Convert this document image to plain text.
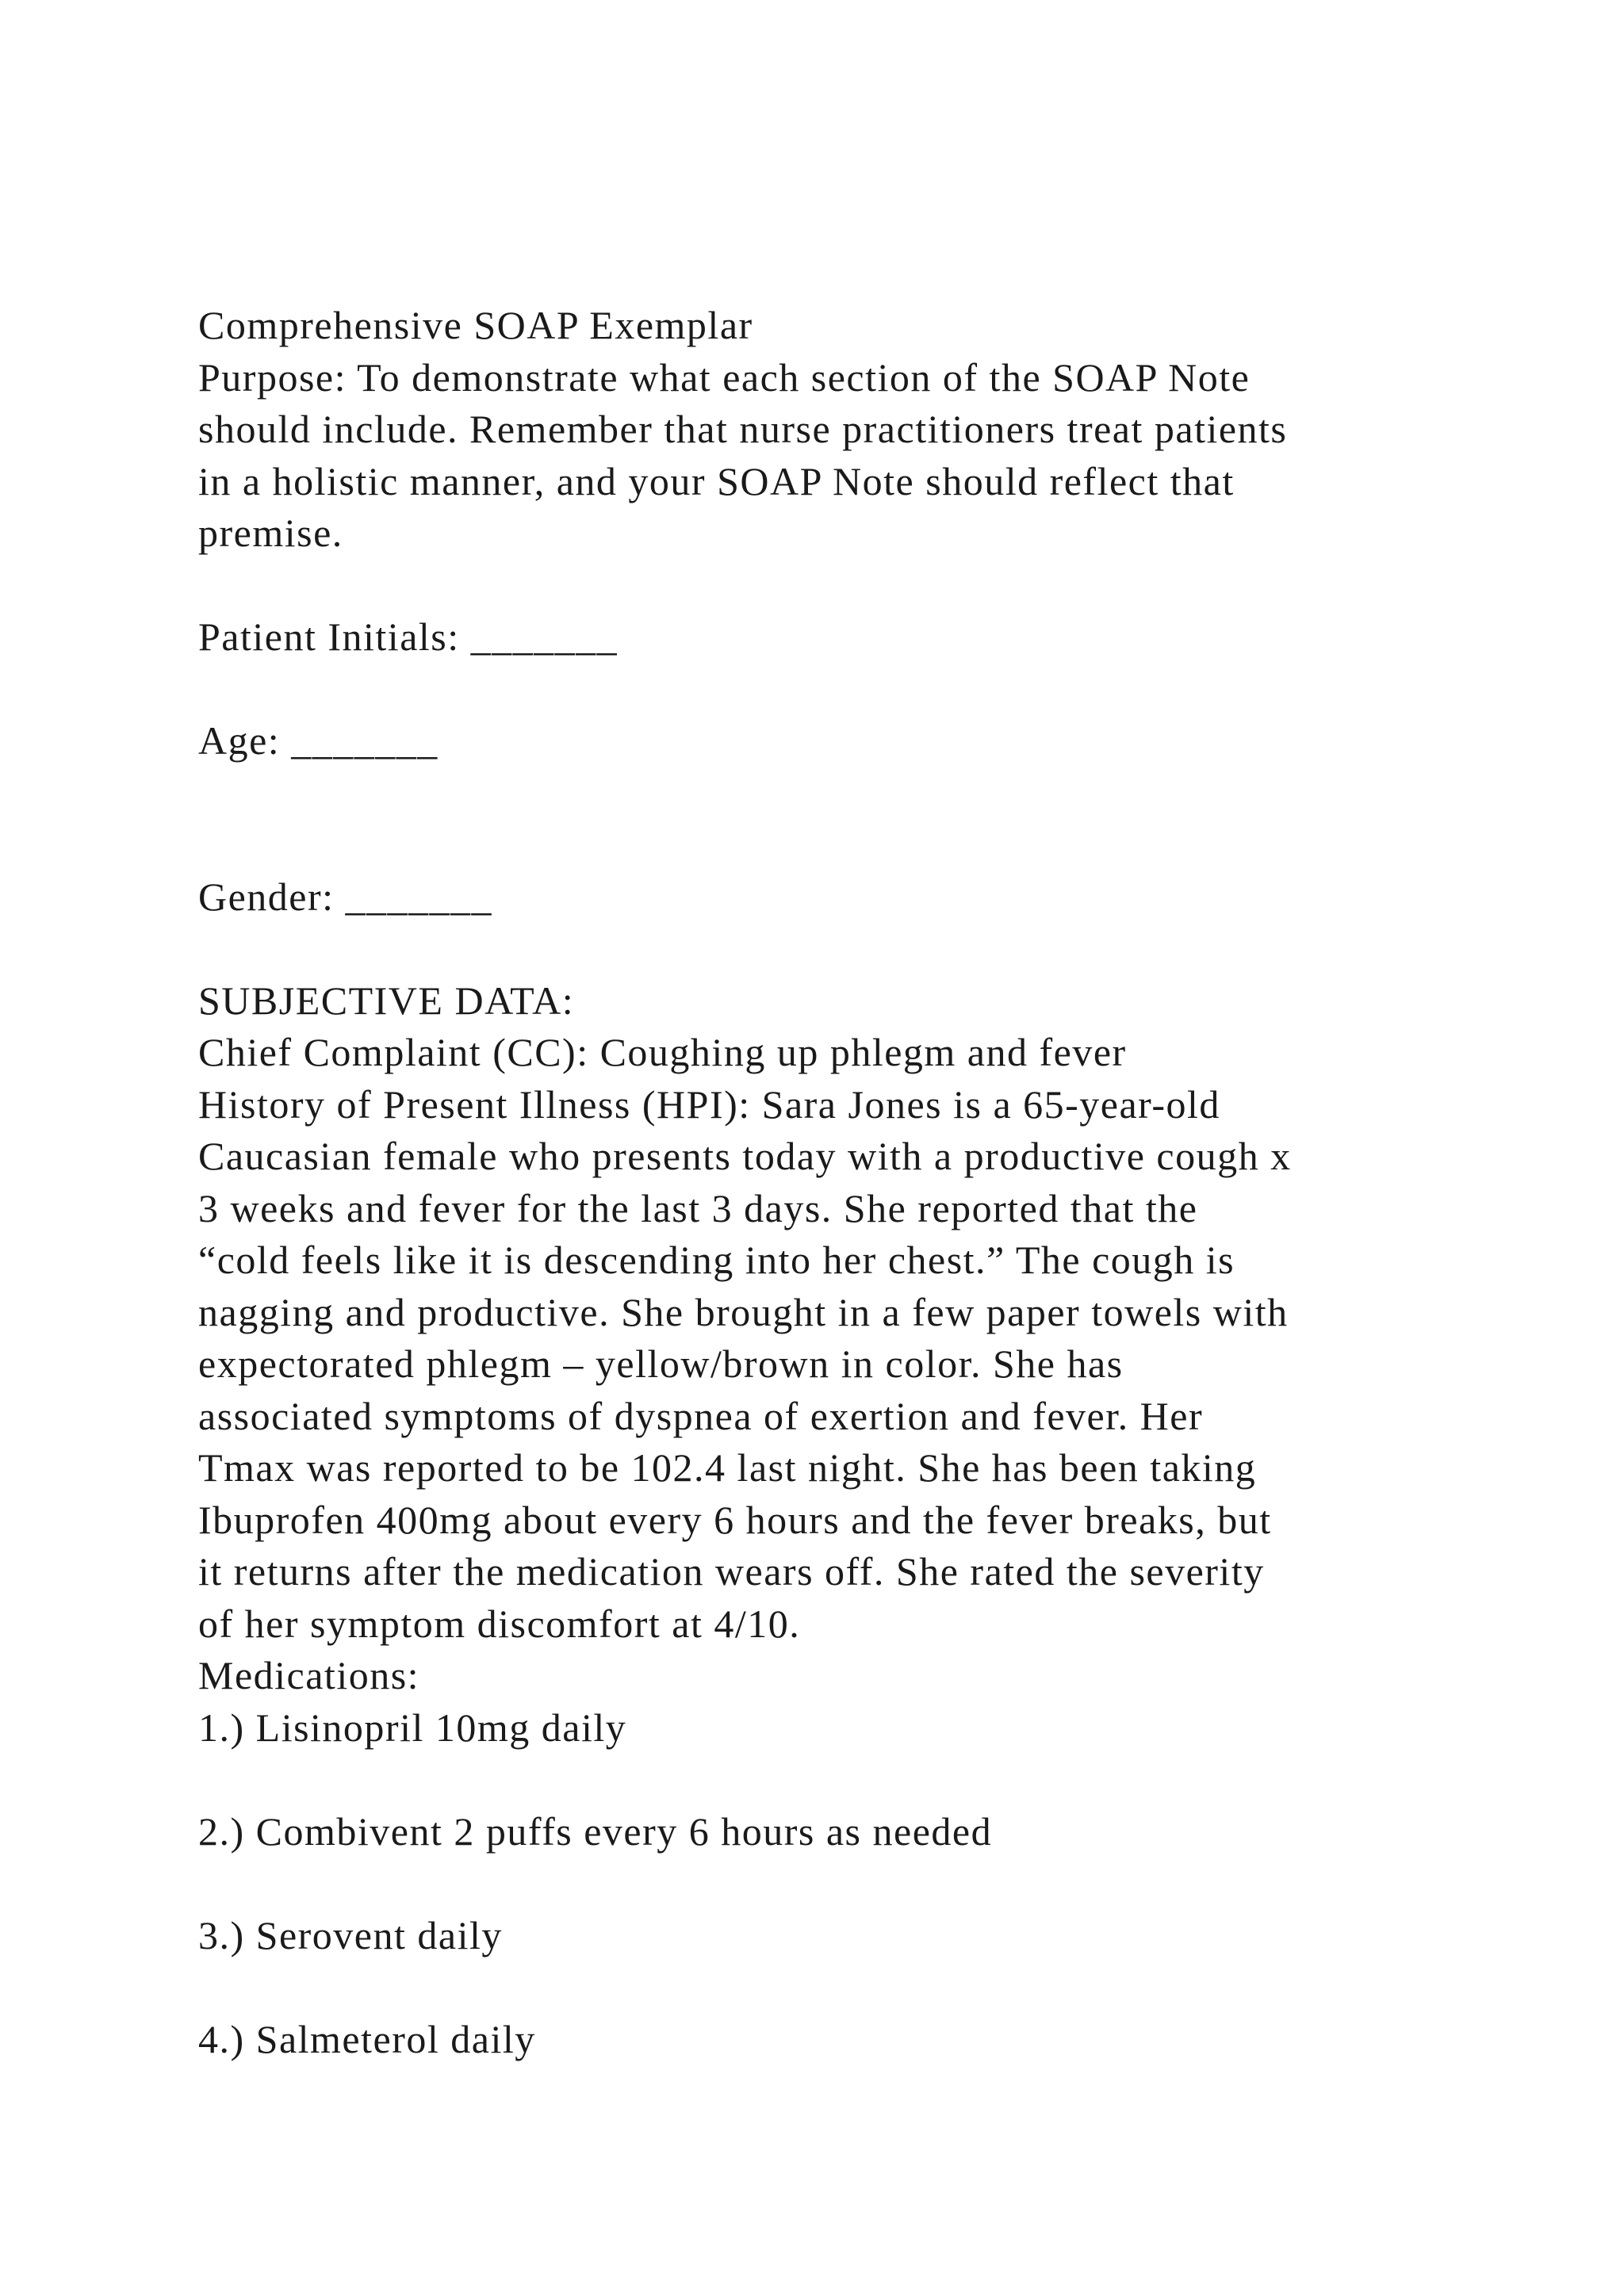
Comprehensive SOAP Exemplar
Purpose: To demonstrate what each section of the SOAP Note
should include. Remember that nurse practitioners treat patients
in a holistic manner, and your SOAP Note should reflect that
premise.
Patient Initials: _______
Age: _______
Gender: _______
SUBJECTIVE DATA:
Chief Complaint (CC): Coughing up phlegm and fever
History of Present Illness (HPI): Sara Jones is a 65-year-old
Caucasian female who presents today with a productive cough x
3 weeks and fever for the last 3 days. She reported that the
“cold feels like it is descending into her chest.” The cough is
nagging and productive. She brought in a few paper towels with
expectorated phlegm – yellow/brown in color. She has
associated symptoms of dyspnea of exertion and fever. Her
Tmax was reported to be 102.4 last night. She has been taking
Ibuprofen 400mg about every 6 hours and the fever breaks, but
it returns after the medication wears off. She rated the severity
of her symptom discomfort at 4/10.
Medications:
1.) Lisinopril 10mg daily
2.) Combivent 2 puffs every 6 hours as needed
3.) Serovent daily
4.) Salmeterol daily
